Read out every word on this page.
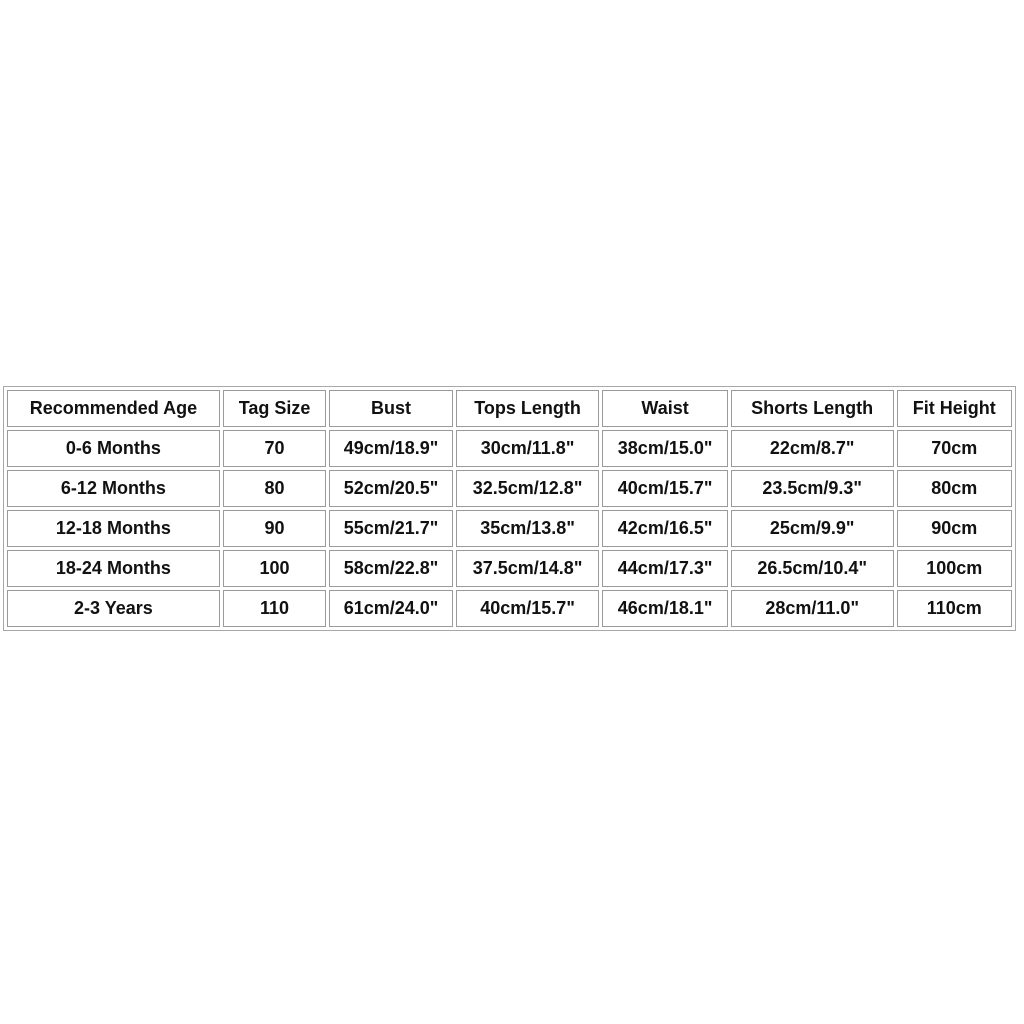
Recommended Age	Tag Size	Bust	Tops Length	Waist	Shorts Length	Fit Height
0-6 Months	70	49cm/18.9"	30cm/11.8"	38cm/15.0"	22cm/8.7"	70cm
6-12 Months	80	52cm/20.5"	32.5cm/12.8"	40cm/15.7"	23.5cm/9.3"	80cm
12-18 Months	90	55cm/21.7"	35cm/13.8"	42cm/16.5"	25cm/9.9"	90cm
18-24 Months	100	58cm/22.8"	37.5cm/14.8"	44cm/17.3"	26.5cm/10.4"	100cm
2-3 Years	110	61cm/24.0"	40cm/15.7"	46cm/18.1"	28cm/11.0"	110cm
